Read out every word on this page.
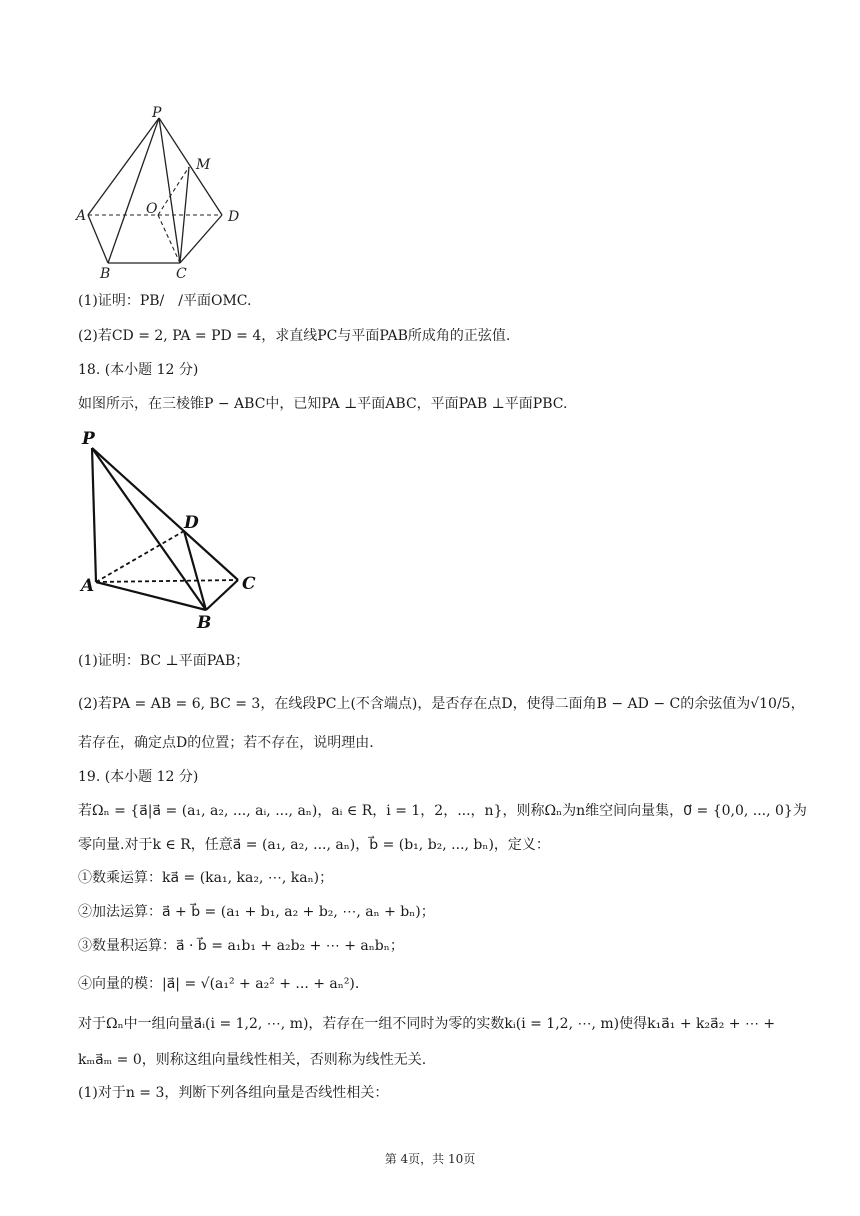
P
M
A	O	D
B	C
(1)证明：PB/　/平面OMC.
(2)若CD = 2, PA = PD = 4，求直线PC与平面PAB所成角的正弦值.
18. (本小题 12 分)
如图所示，在三棱锥P − ABC中，已知PA ⊥平面ABC，平面PAB ⊥平面PBC.
P
D
A	C
B
(1)证明：BC ⊥平面PAB；
(2)若PA = AB = 6, BC = 3，在线段PC上(不含端点)，是否存在点D，使得二面角B − AD − C的余弦值为√10/5，
若存在，确定点D的位置；若不存在，说明理由.
19. (本小题 12 分)
若Ωₙ = {a⃗|a⃗ = (a₁, a₂, ..., aᵢ, ..., aₙ)，aᵢ ∈ R，i = 1，2，...，n}，则称Ωₙ为n维空间向量集，0⃗ = {0,0, ..., 0}为
零向量.对于k ∈ R，任意a⃗ = (a₁, a₂, ..., aₙ)，b⃗ = (b₁, b₂, ..., bₙ)，定义：
①数乘运算：ka⃗ = (ka₁, ka₂, ⋯, kaₙ)；
②加法运算：a⃗ + b⃗ = (a₁ + b₁, a₂ + b₂, ⋯, aₙ + bₙ)；
③数量积运算：a⃗ · b⃗ = a₁b₁ + a₂b₂ + ⋯ + aₙbₙ；
④向量的模：|a⃗| = √(a₁² + a₂² + ... + aₙ²).
对于Ωₙ中一组向量a⃗ᵢ(i = 1,2, ⋯, m)，若存在一组不同时为零的实数kᵢ(i = 1,2, ⋯, m)使得k₁a⃗₁ + k₂a⃗₂ + ⋯ +
kₘa⃗ₘ = 0，则称这组向量线性相关，否则称为线性无关.
(1)对于n = 3，判断下列各组向量是否线性相关：
第 4页，共 10页
